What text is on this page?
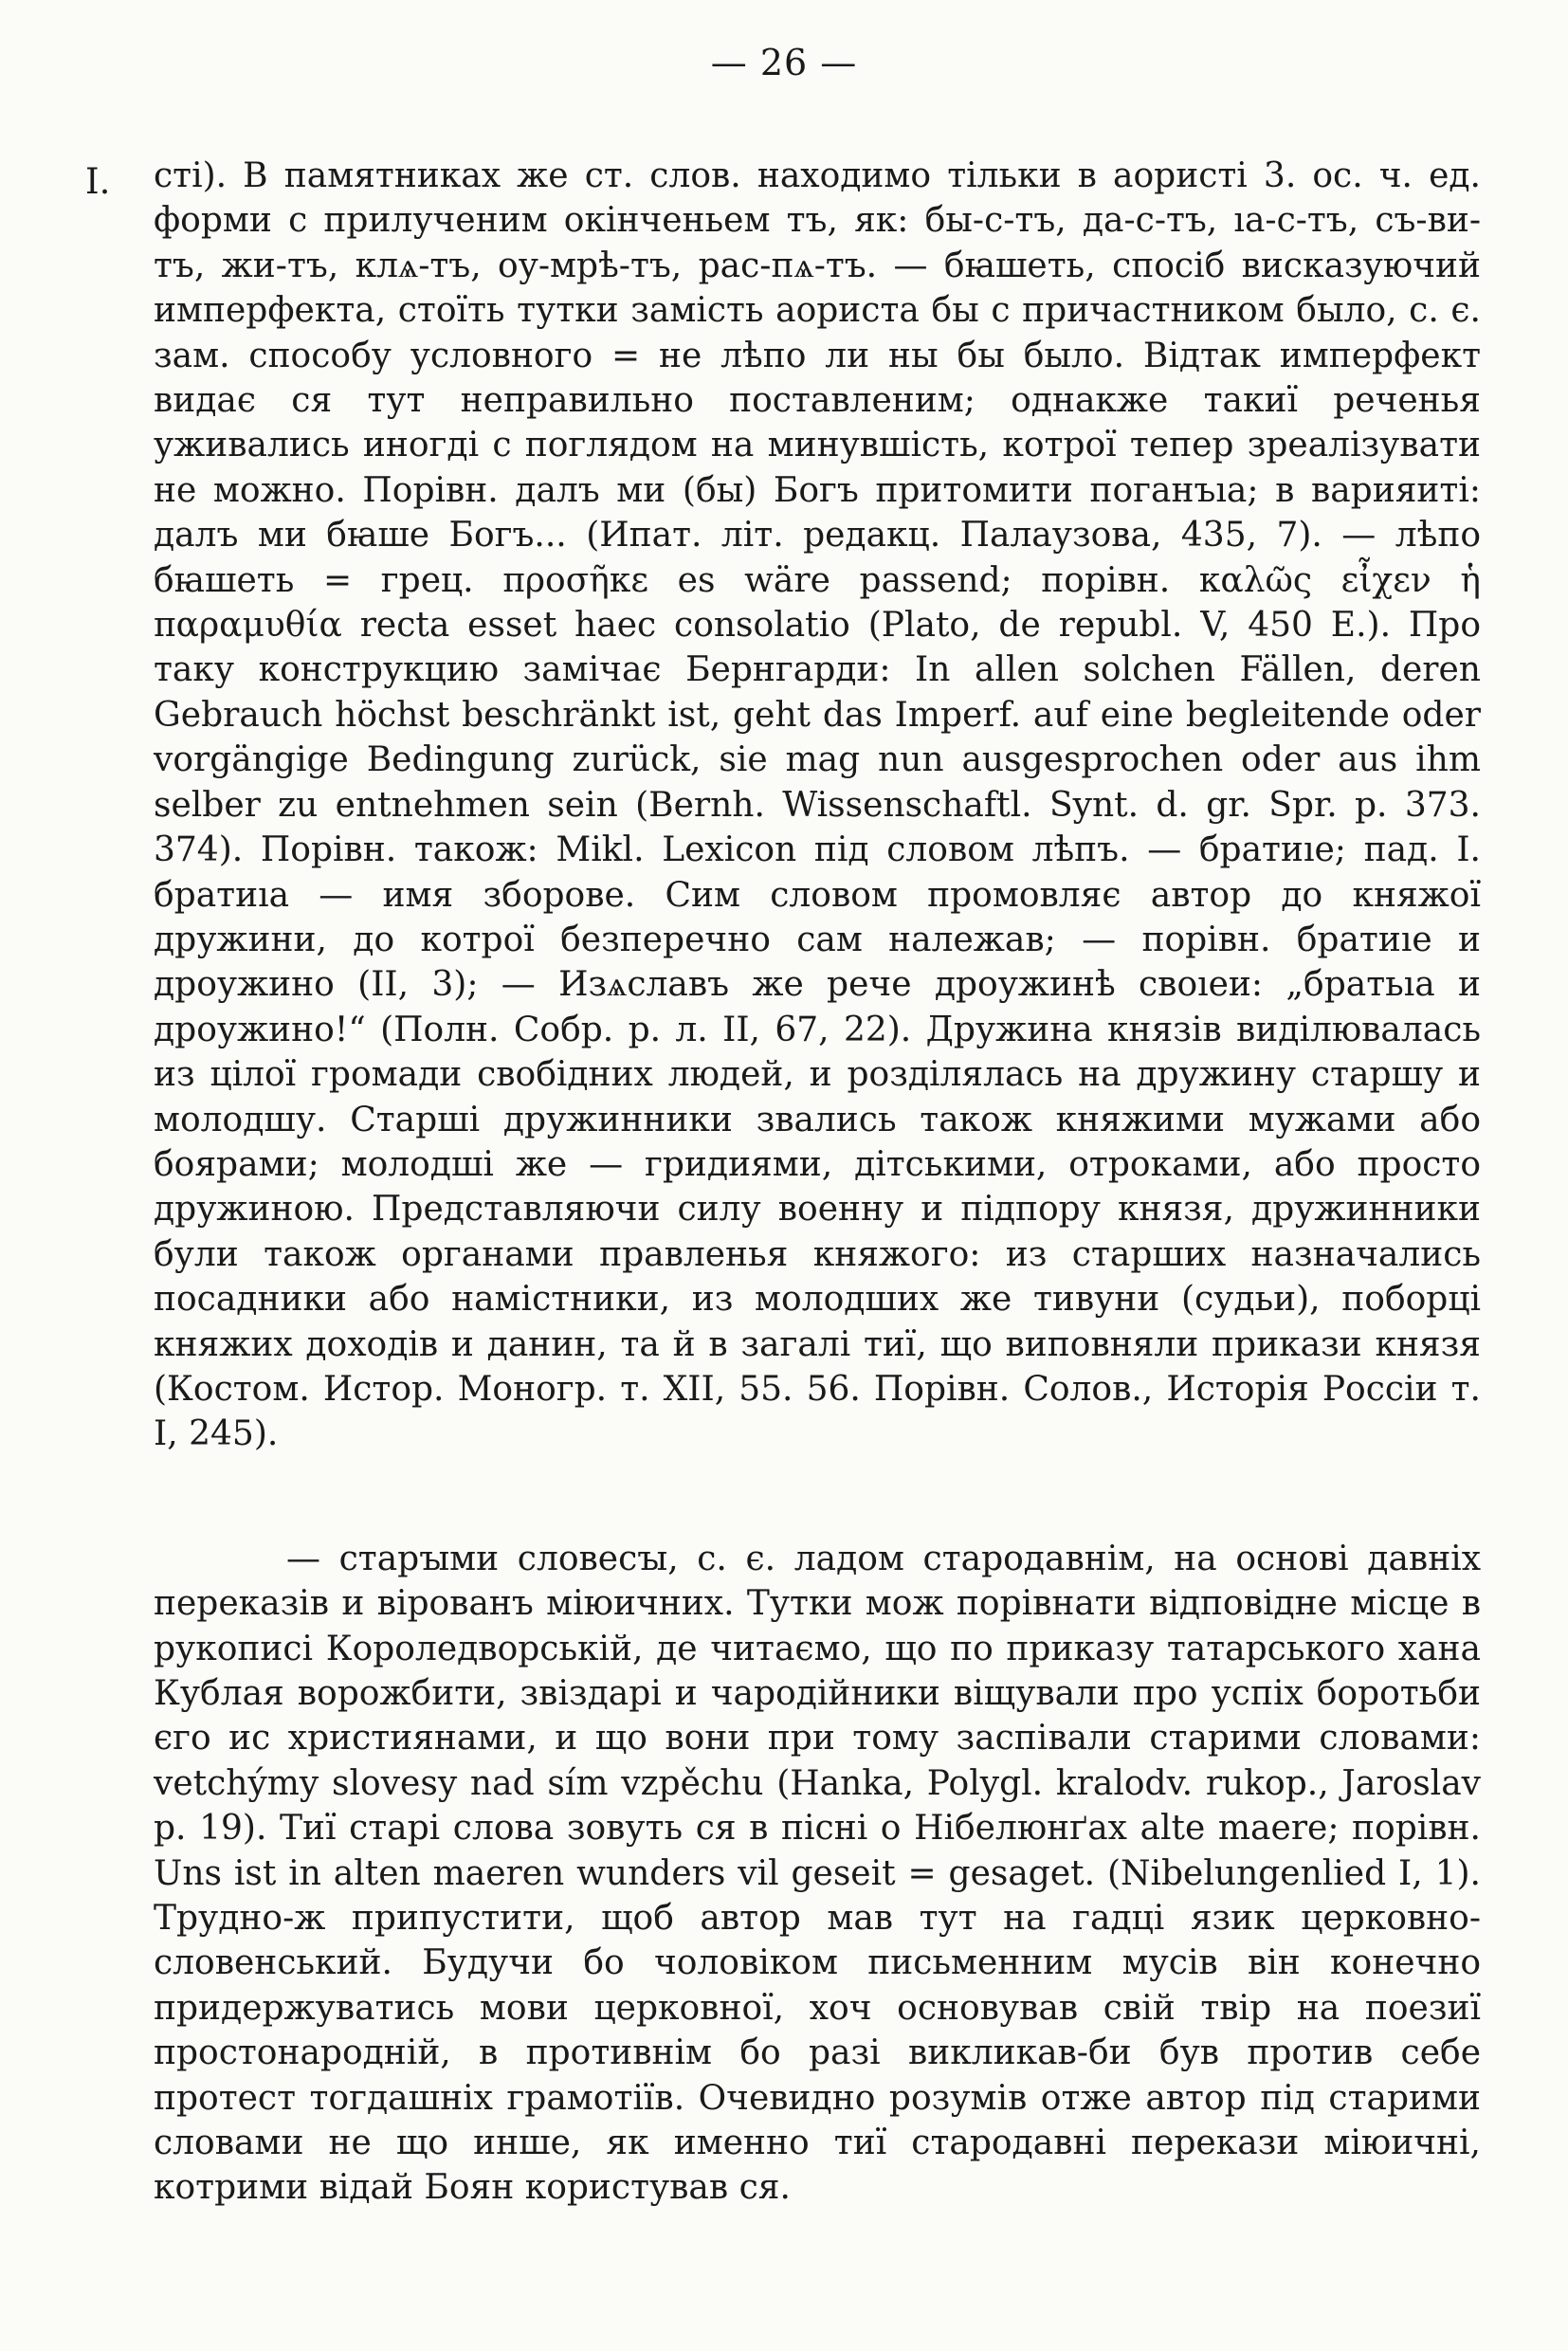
— 26 —
I. сті). В памятниках же ст. слов. находимо тільки в аористі 3. ос. ч. ед. форми с прилученим окінченьем тъ, як: бы-с-тъ, да-с-тъ, ıа-с-тъ, съ-ви-тъ, жи-тъ, клѧ-тъ, оу-мрѣ-тъ, рас-пѧ-тъ. — бꙗшеть, спосіб висказуючий имперфекта, стоїть тутки замість аориста бы с причастником было, с. є. зам. способу условного = не лѣпо ли ны бы было. Відтак имперфект видає ся тут неправильно поставленим; однакже такиї реченья уживались иногді с поглядом на минувшість, котрої тепер зреалізувати не можно. Порівн. далъ ми (бы) Богъ притомити поганъıа; в варияиті: далъ ми бꙗше Богъ... (Ипат. літ. редакц. Палаузова, 435, 7). — лѣпо бꙗшеть = грец. προσῆκε es wäre passend; порівн. καλῶς εἶχεν ἡ παραμυθία recta esset haec consolatio (Plato, de republ. V, 450 E.). Про таку конструкцию замічає Бернгарди: In allen solchen Fällen, deren Gebrauch höchst beschränkt ist, geht das Imperf. auf eine begleitende oder vorgängige Bedingung zurück, sie mag nun ausgesprochen oder aus ihm selber zu entnehmen sein (Bernh. Wissenschaftl. Synt. d. gr. Spr. p. 373. 374). Порівн. також: Mikl. Lexicon під словом лѣпъ. — братиıе; пад. І. братиıа — имя зборове. Сим словом промовляє автор до княжої дружини, до котрої безперечно сам належав; — порівн. братиıе и дроужино (II, 3); — Изѧславъ же рече дроужинѣ своıеи: „братьıа и дроужино!“ (Полн. Собр. р. л. II, 67, 22). Дружина князів виділювалась из цілої громади свобідних людей, и розділялась на дружину старшу и молодшу. Старші дружинники звались також княжими мужами або боярами; молодші же — гридиями, дітськими, отроками, або просто дружиною. Представляючи силу военну и підпору князя, дружинники були також органами правленья княжого: из старших назначались посадники або намістники, из молодших же тивуни (судьи), поборці княжих доходів и данин, та й в загалі тиї, що виповняли прикази князя (Костом. Истор. Моногр. т. XII, 55. 56. Порівн. Солов., Исторія Россіи т. I, 245).

— старꙑми словесꙑ, с. є. ладом стародавнім, на основі давніх переказів и вірованъ міюичних. Тутки мож порівнати відповідне місце в рукописі Короледворській, де читаємо, що по приказу татарського хана Кублая ворожбити, звіздарі и чародійники віщували про успіх боротьби єго ис християнами, и що вони при тому заспівали старими словами: vetchýmy slovesy nad sím vzpěchu (Hanka, Polygl. kralodv. rukop., Jaroslav p. 19). Тиї старі слова зовуть ся в пісні о Нібелюнґах alte maere; порівн. Uns ist in alten maeren wunders vil geseit = gesaget. (Nibelungenlied I, 1). Трудно-ж припустити, щоб автор мав тут на гадці язик церковно-словенський. Будучи бо чоловіком письменним мусів він конечно придержуватись мови церковної, хоч основував свій твір на поезиї простонародній, в противнім бо разі викликав-би був против себе протест тогдашніх грамотіїв. Очевидно розумів отже автор під старими словами не що инше, як именно тиї стародавні перекази міюичні, котрими відай Боян користував ся.
